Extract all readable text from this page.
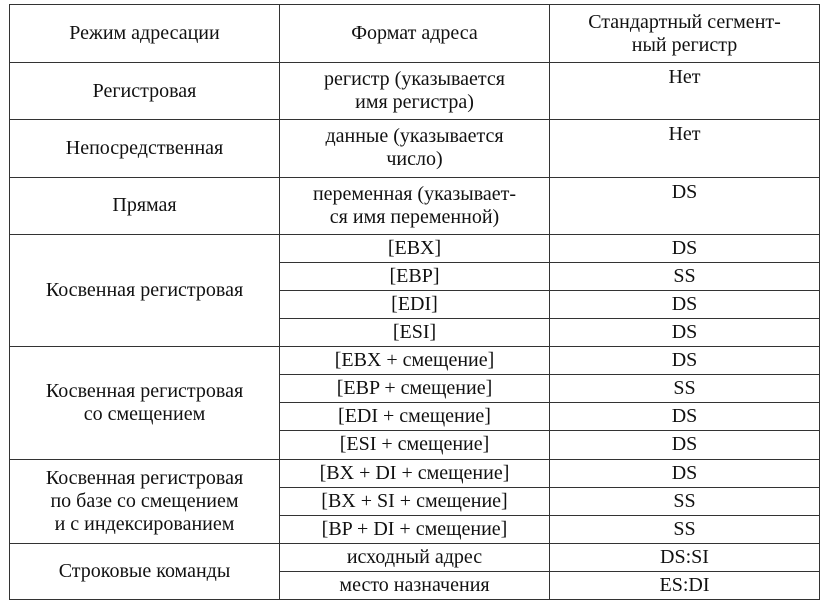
Режим адресации	Формат адреса	Стандартный сегмент-
ный регистр
Регистровая	регистр (указывается
имя регистра)	Нет
Непосредственная	данные (указывается
число)	Нет
Прямая	переменная (указывает-
ся имя переменной)	DS
Косвенная регистровая	[EBX]	DS
	[EBP]	SS
	[EDI]	DS
	[ESI]	DS
Косвенная регистровая
со смещением	[EBX + смещение]	DS
	[EBP + смещение]	SS
	[EDI + смещение]	DS
	[ESI + смещение]	DS
Косвенная регистровая
по базе со смещением
и с индексированием	[BX + DI + смещение]	DS
	[BX + SI + смещение]	SS
	[BP + DI + смещение]	SS
Строковые команды	исходный адрес	DS:SI
	место назначения	ES:DI
